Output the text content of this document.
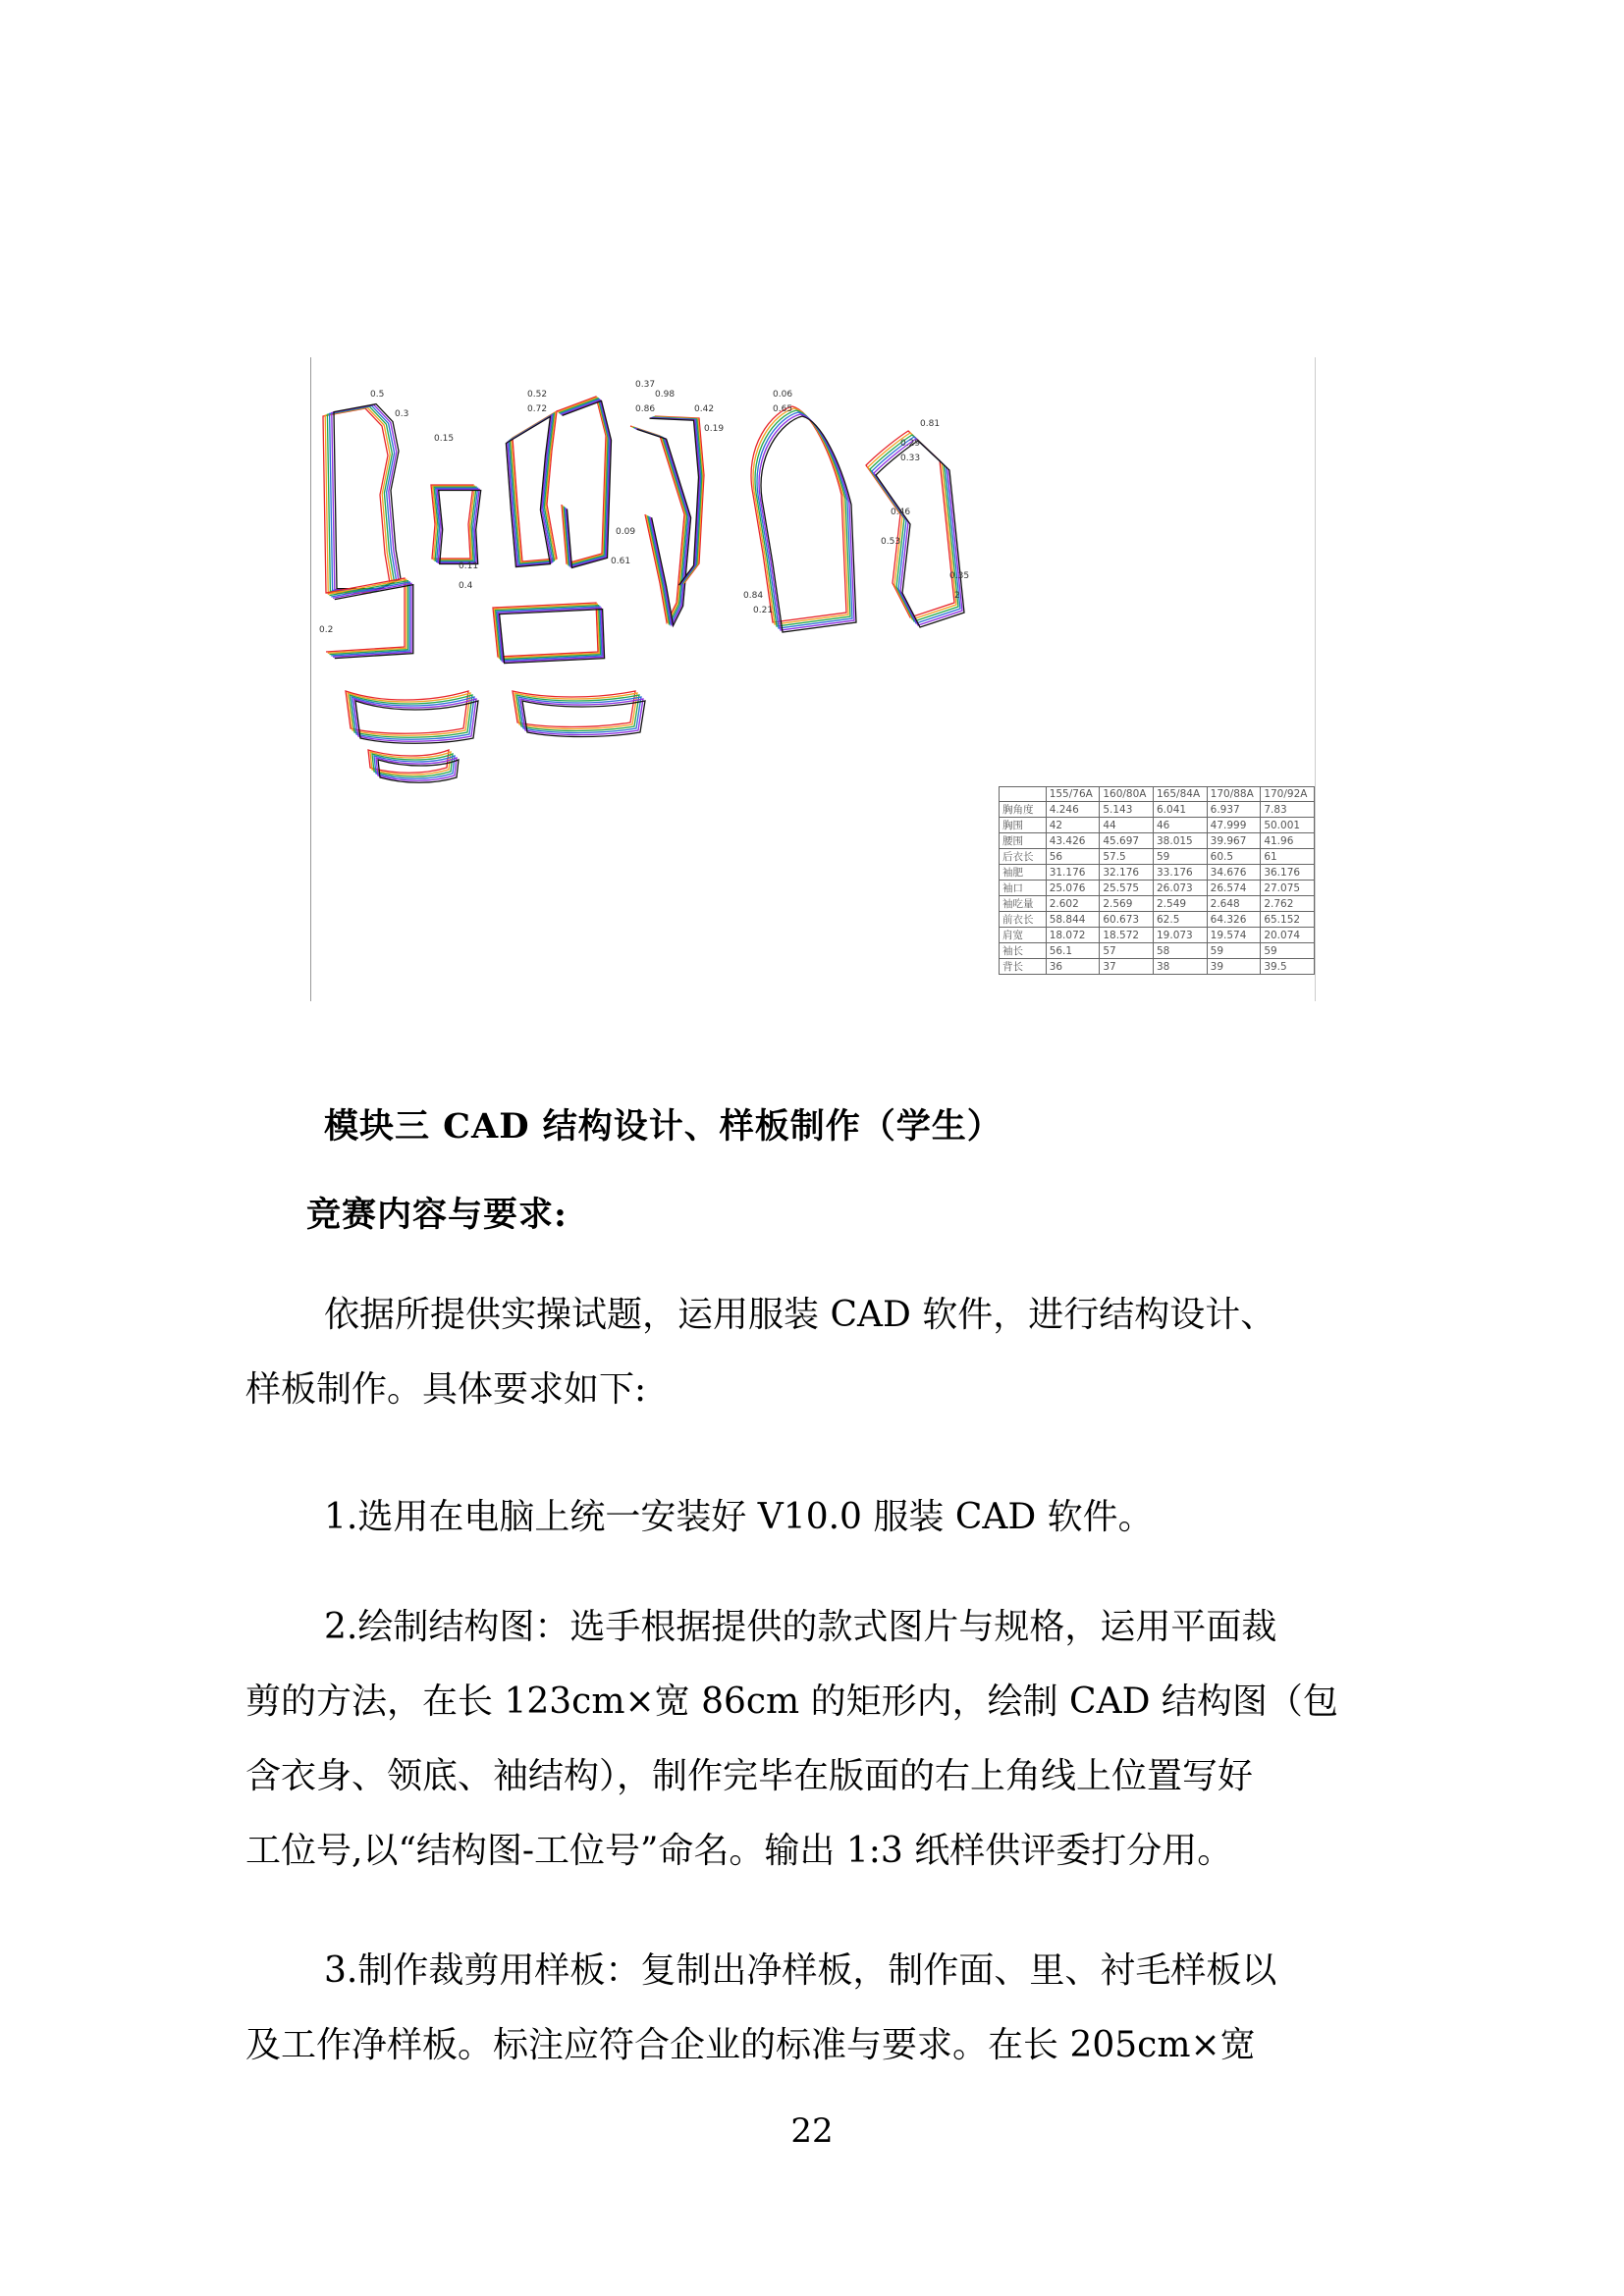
0.5
0.3
0.15
0.11
0.4
0.2
0.52
0.72
0.37
0.98
0.86	0.42
0.19
0.06
0.65
0.81
0.29
0.33
0.09
0.61
0.84
0.21
0.46
0.53
0.35
2
	155/76A	160/80A	165/84A	170/88A	170/92A
胸角度	4.246	5.143	6.041	6.937	7.83
胸围	42	44	46	47.999	50.001
腰围	43.426	45.697	38.015	39.967	41.96
后衣长	56	57.5	59	60.5	61
袖肥	31.176	32.176	33.176	34.676	36.176
袖口	25.076	25.575	26.073	26.574	27.075
袖吃量	2.602	2.569	2.549	2.648	2.762
前衣长	58.844	60.673	62.5	64.326	65.152
肩宽	18.072	18.572	19.073	19.574	20.074
袖长	56.1	57	58	59	59
背长	36	37	38	39	39.5
模块三 CAD 结构设计、样板制作（学生）
竞赛内容与要求:
依据所提供实操试题，运用服装 CAD 软件，进行结构设计、
样板制作。具体要求如下:
1.选用在电脑上统一安装好 V10.0 服装 CAD 软件。
2.绘制结构图：选手根据提供的款式图片与规格，运用平面裁
剪的方法，在长 123cm×宽 86cm 的矩形内，绘制 CAD 结构图（包
含衣身、领底、袖结构），制作完毕在版面的右上角线上位置写好
工位号,以“结构图-工位号”命名。输出 1:3 纸样供评委打分用。
3.制作裁剪用样板：复制出净样板，制作面、里、衬毛样板以
及工作净样板。标注应符合企业的标准与要求。在长 205cm×宽
22
